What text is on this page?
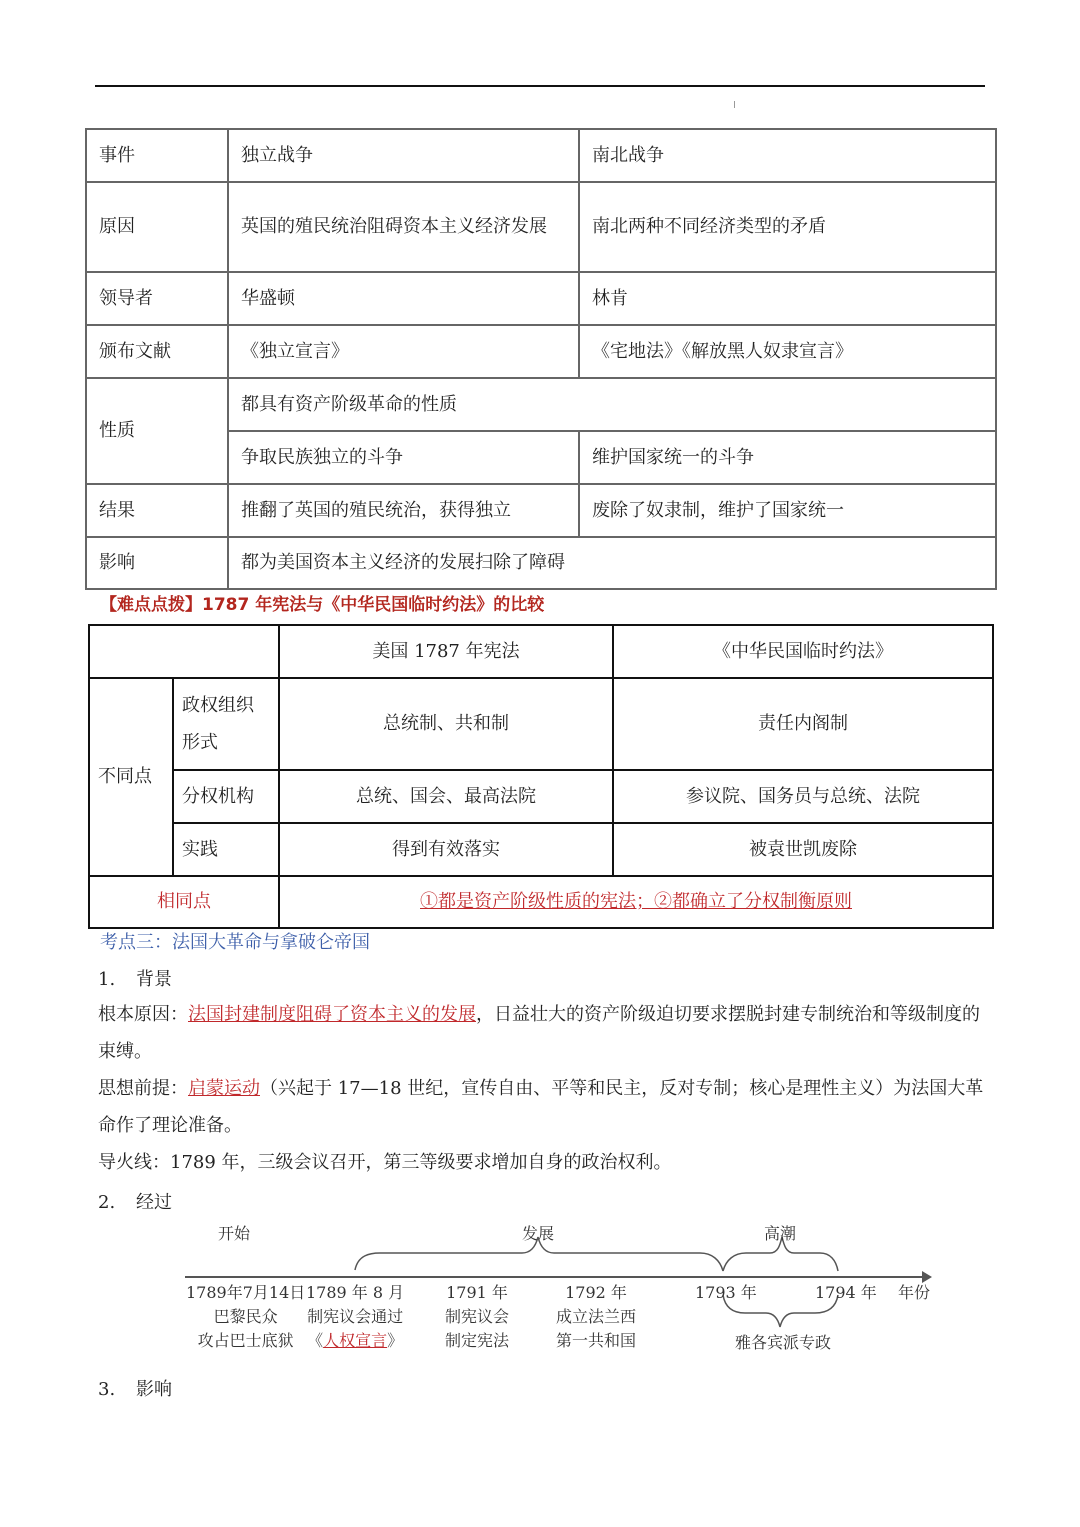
事件	独立战争	南北战争
原因	英国的殖民统治阻碍资本主义经济发展	南北两种不同经济类型的矛盾
领导者	华盛顿	林肯
颁布文献	《独立宣言》	《宅地法》《解放黑人奴隶宣言》
性质	都具有资产阶级革命的性质	
	争取民族独立的斗争	维护国家统一的斗争
结果	推翻了英国的殖民统治，获得独立	废除了奴隶制，维护了国家统一
影响	都为美国资本主义经济的发展扫除了障碍	
【难点点拨】1787 年宪法与《中华民国临时约法》的比较
		美国 1787 年宪法	《中华民国临时约法》
不同点	政权组织形式	总统制、共和制	责任内阁制
	分权机构	总统、国会、最高法院	参议院、国务员与总统、法院
	实践	得到有效落实	被袁世凯废除
相同点		①都是资产阶级性质的宪法；②都确立了分权制衡原则	
考点三：法国大革命与拿破仑帝国
1. 背景
根本原因：法国封建制度阻碍了资本主义的发展，日益壮大的资产阶级迫切要求摆脱封建专制统治和等级制度的束缚。
思想前提：启蒙运动（兴起于 17—18 世纪，宣传自由、平等和民主，反对专制；核心是理性主义）为法国大革命作了理论准备。
导火线：1789 年，三级会议召开，第三等级要求增加自身的政治权利。
2. 经过
开始	发展	高潮
1789年7月14日
巴黎民众
攻占巴士底狱
1789 年 8 月
制宪议会通过
《人权宣言》
1791 年
制宪议会
制定宪法
1792 年
成立法兰西
第一共和国
1793 年	1794 年 年份
雅各宾派专政
3. 影响
